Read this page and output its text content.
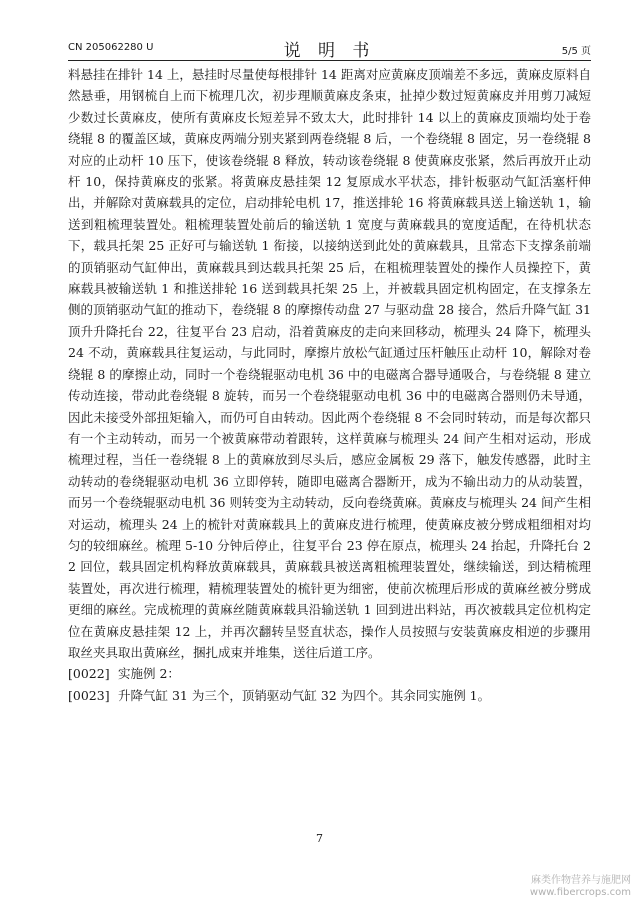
CN 205062280 U	说 明 书	5/5 页

料悬挂在排针 14 上，悬挂时尽量使每根排针 14 距离对应黄麻皮顶端差不多远，黄麻皮原料自然悬垂，用钢梳自上而下梳理几次，初步理顺黄麻皮条束，扯掉少数过短黄麻皮并用剪刀减短少数过长黄麻皮，使所有黄麻皮长短差异不致太大，此时排针 14 以上的黄麻皮顶端均处于卷绕辊 8 的覆盖区域，黄麻皮两端分别夹紧到两卷绕辊 8 后，一个卷绕辊 8 固定，另一卷绕辊 8 对应的止动杆 10 压下，使该卷绕辊 8 释放，转动该卷绕辊 8 使黄麻皮张紧，然后再放开止动杆 10，保持黄麻皮的张紧。将黄麻皮悬挂架 12 复原成水平状态，排针板驱动气缸活塞杆伸出，并解除对黄麻载具的定位，启动排轮电机 17，推送排轮 16 将黄麻载具送上输送轨 1，输送到粗梳理装置处。粗梳理装置处前后的输送轨 1 宽度与黄麻载具的宽度适配，在待机状态下，载具托架 25 正好可与输送轨 1 衔接，以接纳送到此处的黄麻载具，且常态下支撑条前端的顶销驱动气缸伸出，黄麻载具到达载具托架 25 后，在粗梳理装置处的操作人员操控下，黄麻载具被输送轨 1 和推送排轮 16 送到载具托架 25 上，并被载具固定机构固定，在支撑条左侧的顶销驱动气缸的推动下，卷绕辊 8 的摩擦传动盘 27 与驱动盘 28 接合，然后升降气缸 31 顶升升降托台 22，往复平台 23 启动，沿着黄麻皮的走向来回移动，梳理头 24 降下，梳理头 24 不动，黄麻载具往复运动，与此同时，摩擦片放松气缸通过压杆触压止动杆 10，解除对卷绕辊 8 的摩擦止动，同时一个卷绕辊驱动电机 36 中的电磁离合器导通吸合，与卷绕辊 8 建立传动连接，带动此卷绕辊 8 旋转，而另一个卷绕辊驱动电机 36 中的电磁离合器则仍未导通，因此未接受外部扭矩输入，而仍可自由转动。因此两个卷绕辊 8 不会同时转动，而是每次都只有一个主动转动，而另一个被黄麻带动着跟转，这样黄麻与梳理头 24 间产生相对运动，形成梳理过程，当任一卷绕辊 8 上的黄麻放到尽头后，感应金属板 29 落下，触发传感器，此时主动转动的卷绕辊驱动电机 36 立即停转，随即电磁离合器断开，成为不输出动力的从动装置，而另一个卷绕辊驱动电机 36 则转变为主动转动，反向卷绕黄麻。黄麻皮与梳理头 24 间产生相对运动，梳理头 24 上的梳针对黄麻载具上的黄麻皮进行梳理，使黄麻皮被分劈成粗细相对均匀的较细麻丝。梳理 5-10 分钟后停止，往复平台 23 停在原点，梳理头 24 抬起，升降托台 22 回位，载具固定机构释放黄麻载具，黄麻载具被送离粗梳理装置处，继续输送，到达精梳理装置处，再次进行梳理，精梳理装置处的梳针更为细密，使前次梳理后形成的黄麻丝被分劈成更细的麻丝。完成梳理的黄麻丝随黄麻载具沿输送轨 1 回到进出料站，再次被载具定位机构定位在黄麻皮悬挂架 12 上，并再次翻转呈竖直状态，操作人员按照与安装黄麻皮相逆的步骤用取丝夹具取出黄麻丝，捆扎成束并堆集，送往后道工序。

[0022] 实施例 2：
[0023] 升降气缸 31 为三个，顶销驱动气缸 32 为四个。其余同实施例 1。
7
麻类作物营养与施肥网
www.fibercrops.com
